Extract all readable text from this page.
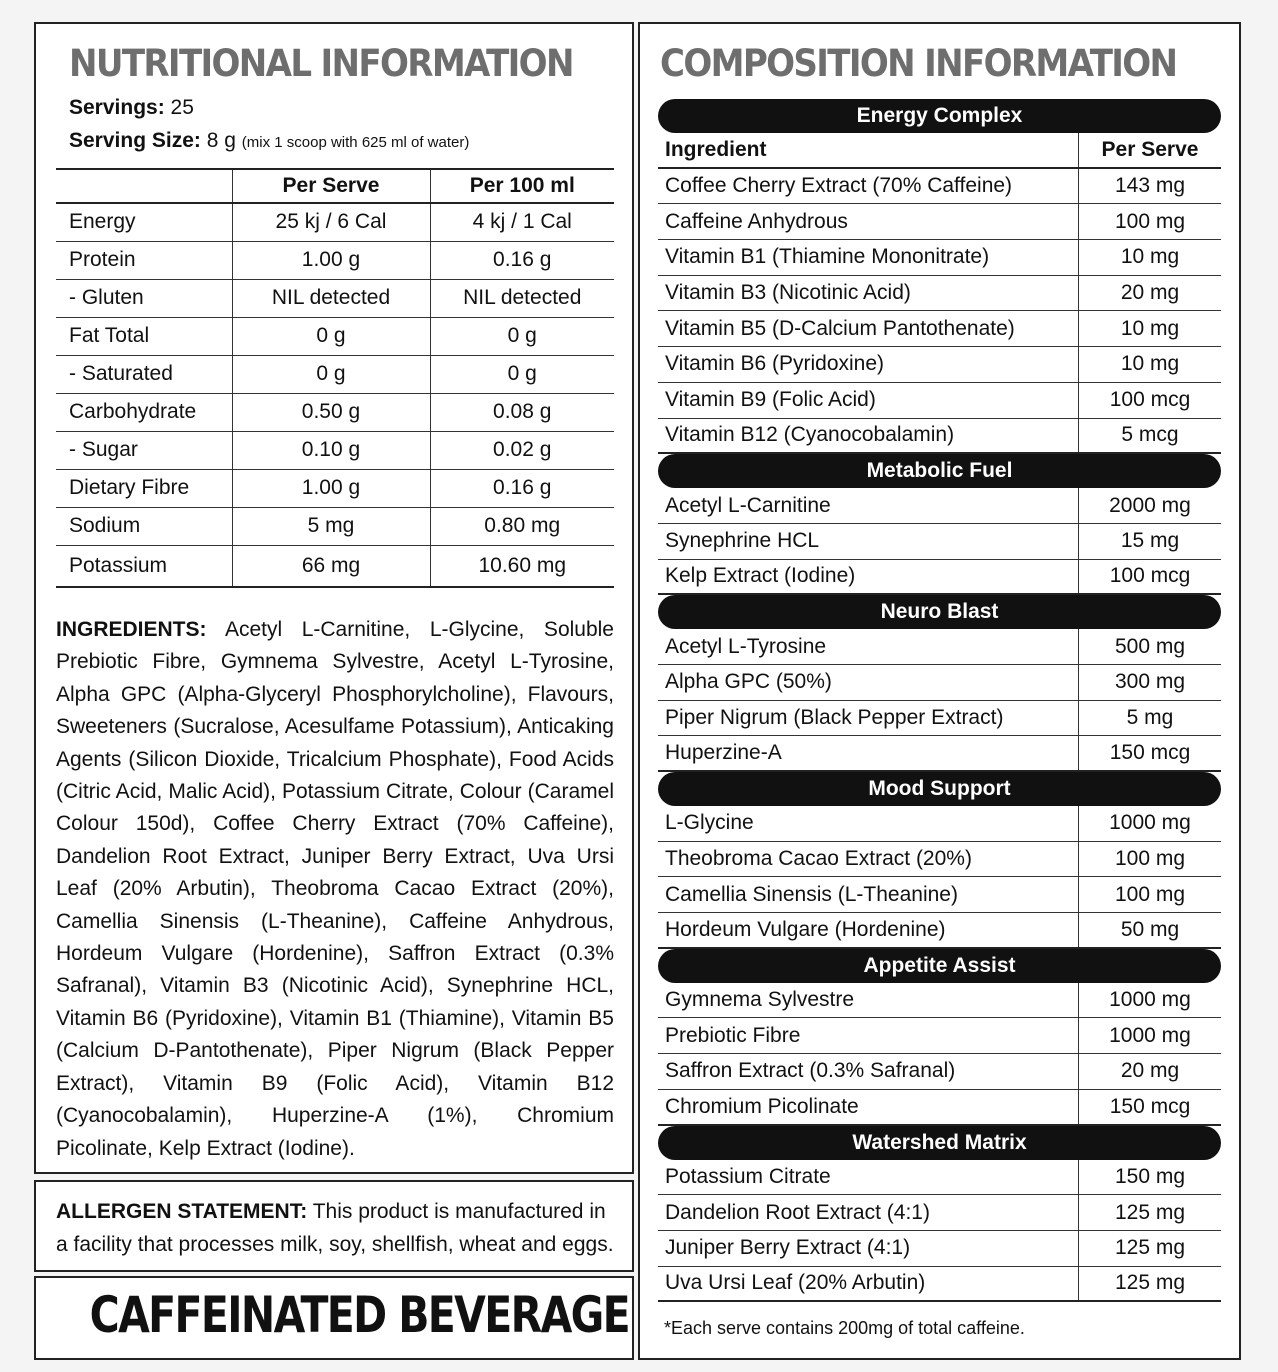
NUTRITIONAL INFORMATION
Servings: 25
Serving Size: 8 g (mix 1 scoop with 625 ml of water)
	Per Serve	Per 100 ml
Energy	25 kj / 6 Cal	4 kj / 1 Cal
Protein	1.00 g	0.16 g
- Gluten	NIL detected	NIL detected
Fat Total	0 g	0 g
- Saturated	0 g	0 g
Carbohydrate	0.50 g	0.08 g
- Sugar	0.10 g	0.02 g
Dietary Fibre	1.00 g	0.16 g
Sodium	5 mg	0.80 mg
Potassium	66 mg	10.60 mg
INGREDIENTS: Acetyl L-Carnitine, L-Glycine, Soluble Prebiotic Fibre, Gymnema Sylvestre, Acetyl L-Tyrosine, Alpha GPC (Alpha-Glyceryl Phosphorylcholine), Flavours, Sweeteners (Sucralose, Acesulfame Potassium), Anticaking Agents (Silicon Dioxide, Tricalcium Phosphate), Food Acids (Citric Acid, Malic Acid), Potassium Citrate, Colour (Caramel Colour 150d), Coffee Cherry Extract (70% Caffeine), Dandelion Root Extract, Juniper Berry Extract, Uva Ursi Leaf (20% Arbutin), Theobroma Cacao Extract (20%), Camellia Sinensis (L-Theanine), Caffeine Anhydrous, Hordeum Vulgare (Hordenine), Saffron Extract (0.3% Safranal), Vitamin B3 (Nicotinic Acid), Synephrine HCL, Vitamin B6 (Pyridoxine), Vitamin B1 (Thiamine), Vitamin B5 (Calcium D-Pantothenate), Piper Nigrum (Black Pepper Extract), Vitamin B9 (Folic Acid), Vitamin B12 (Cyanocobalamin), Huperzine-A (1%), Chromium Picolinate, Kelp Extract (Iodine).
ALLERGEN STATEMENT: This product is manufactured in a facility that processes milk, soy, shellfish, wheat and eggs.
CAFFEINATED BEVERAGE
COMPOSITION INFORMATION
Energy Complex
Ingredient	Per Serve
Coffee Cherry Extract (70% Caffeine)	143 mg
Caffeine Anhydrous	100 mg
Vitamin B1 (Thiamine Mononitrate)	10 mg
Vitamin B3 (Nicotinic Acid)	20 mg
Vitamin B5 (D-Calcium Pantothenate)	10 mg
Vitamin B6 (Pyridoxine)	10 mg
Vitamin B9 (Folic Acid)	100 mcg
Vitamin B12 (Cyanocobalamin)	5 mcg
Metabolic Fuel
Acetyl L-Carnitine	2000 mg
Synephrine HCL	15 mg
Kelp Extract (Iodine)	100 mcg
Neuro Blast
Acetyl L-Tyrosine	500 mg
Alpha GPC (50%)	300 mg
Piper Nigrum (Black Pepper Extract)	5 mg
Huperzine-A	150 mcg
Mood Support
L-Glycine	1000 mg
Theobroma Cacao Extract (20%)	100 mg
Camellia Sinensis (L-Theanine)	100 mg
Hordeum Vulgare (Hordenine)	50 mg
Appetite Assist
Gymnema Sylvestre	1000 mg
Prebiotic Fibre	1000 mg
Saffron Extract (0.3% Safranal)	20 mg
Chromium Picolinate	150 mcg
Watershed Matrix
Potassium Citrate	150 mg
Dandelion Root Extract (4:1)	125 mg
Juniper Berry Extract (4:1)	125 mg
Uva Ursi Leaf (20% Arbutin)	125 mg
*Each serve contains 200mg of total caffeine.
